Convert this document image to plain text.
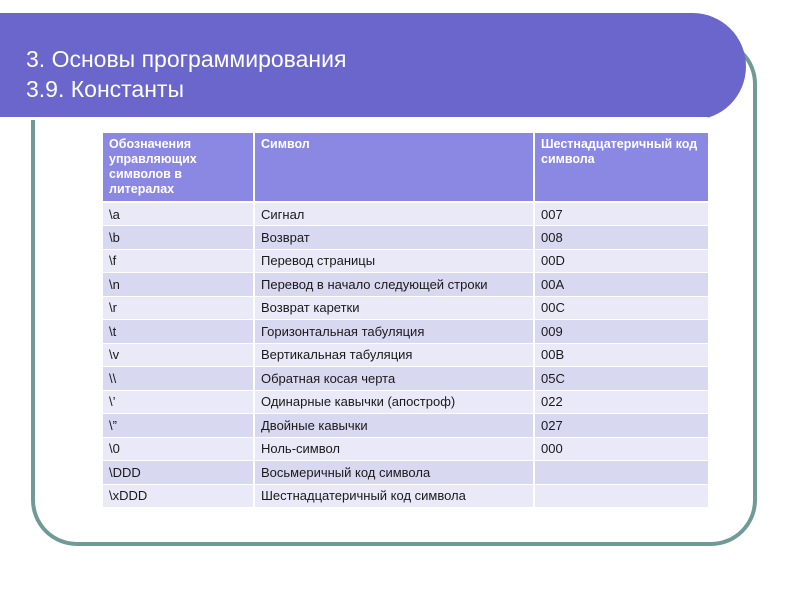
3. Основы программирования
3.9. Константы
Обозначения управляющих символов в литералах	Символ	Шестнадцатеричный код символа
\a	Сигнал	007
\b	Возврат	008
\f	Перевод страницы	00D
\n	Перевод в начало следующей строки	00A
\r	Возврат каретки	00C
\t	Горизонтальная табуляция	009
\v	Вертикальная табуляция	00B
\\	Обратная косая черта	05C
\’	Одинарные кавычки (апостроф)	022
\”	Двойные кавычки	027
\0	Ноль-символ	000
\DDD	Восьмеричный код символа	
\xDDD	Шестнадцатеричный код символа	
